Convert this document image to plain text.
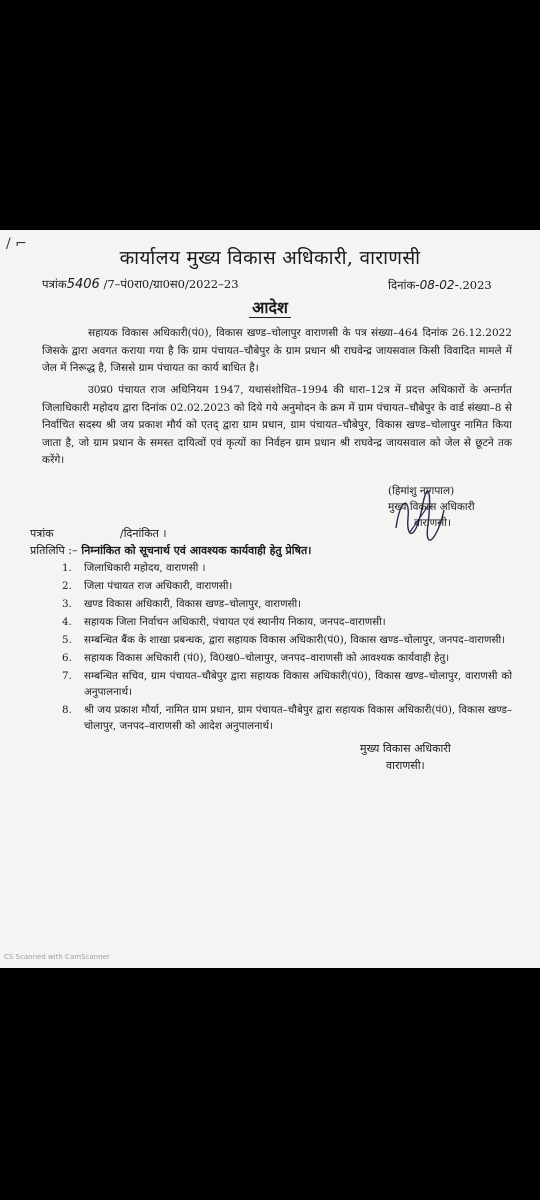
/ ⌐
कार्यालय मुख्य विकास अधिकारी, वाराणसी
पत्रांक5406 /7–पं0रा0/ग्रा0स0/2022–23	दिनांक-08-02-.2023
आदेश
सहायक विकास अधिकारी(पं0), विकास खण्ड–चोलापुर वाराणसी के पत्र संख्या–464 दिनांक 26.12.2022 जिसके द्वारा अवगत कराया गया है कि ग्राम पंचायत–चौबेपुर के ग्राम प्रधान श्री राघवेन्द्र जायसवाल किसी विवादित मामले में जेल में निरूद्ध है, जिससे ग्राम पंचायत का कार्य बाधित है।
उ0प्र0 पंचायत राज अधिनियम 1947, यथासंशोधित–1994 की धारा–12त्र में प्रदत्त अधिकारों के अन्तर्गत जिलाधिकारी महोदय द्वारा दिनांक 02.02.2023 को दिये गये अनुमोदन के क्रम में ग्राम पंचायत–चौबेपुर के वार्ड संख्या–8 से निर्वाचित सदस्य श्री जय प्रकाश मौर्य को एतद् द्वारा ग्राम प्रधान, ग्राम पंचायत–चौबेपुर, विकास खण्ड–चोलापुर नामित किया जाता है, जो ग्राम प्रधान के समस्त दायित्वों एवं कृत्यों का निर्वहन ग्राम प्रधान श्री राघवेन्द्र जायसवाल को जेल से छूटने तक करेंगे।
(हिमांशु नागपाल)
मुख्य विकास अधिकारी
वाराणसी।
पत्रांक	/दिनांकित ।
प्रतिलिपि :– निम्नांकित को सूचनार्थ एवं आवश्यक कार्यवाही हेतु प्रेषित।
1. जिलाधिकारी महोदय, वाराणसी ।
2. जिला पंचायत राज अधिकारी, वाराणसी।
3. खण्ड विकास अधिकारी, विकास खण्ड–चोलापुर, वाराणसी।
4. सहायक जिला निर्वाचन अधिकारी, पंचायत एवं स्थानीय निकाय, जनपद–वाराणसी।
5. सम्बन्धित बैंक के शाखा प्रबन्धक, द्वारा सहायक विकास अधिकारी(पं0), विकास खण्ड–चोलापुर, जनपद–वाराणसी।
6. सहायक विकास अधिकारी (पं0), वि0ख0–चोलापुर, जनपद–वाराणसी को आवश्यक कार्यवाही हेतु।
7. सम्बन्धित सचिव, ग्राम पंचायत–चौबेपुर द्वारा सहायक विकास अधिकारी(पं0), विकास खण्ड–चोलापुर, वाराणसी को अनुपालनार्थ।
8. श्री जय प्रकाश मौर्या, नामित ग्राम प्रधान, ग्राम पंचायत–चौबेपुर द्वारा सहायक विकास अधिकारी(पं0), विकास खण्ड–चोलापुर, जनपद–वाराणसी को आदेश अनुपालनार्थ।
मुख्य विकास अधिकारी
वाराणसी।
CS Scanned with CamScanner
